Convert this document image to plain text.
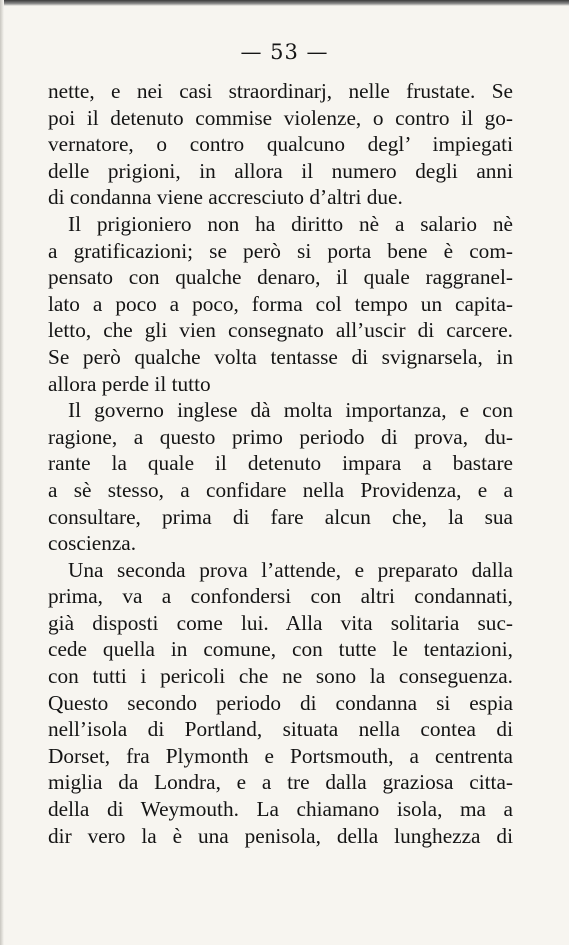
— 53 —
nette, e nei casi straordinarj, nelle frustate. Se
poi il detenuto commise violenze, o contro il go-
vernatore, o contro qualcuno degl’ impiegati
delle prigioni, in allora il numero degli anni
di condanna viene accresciuto d’altri due.
Il prigioniero non ha diritto nè a salario nè
a gratificazioni; se però si porta bene è com-
pensato con qualche denaro, il quale raggranel-
lato a poco a poco, forma col tempo un capita-
letto, che gli vien consegnato all’uscir di carcere.
Se però qualche volta tentasse di svignarsela, in
allora perde il tutto
Il governo inglese dà molta importanza, e con
ragione, a questo primo periodo di prova, du-
rante la quale il detenuto impara a bastare
a sè stesso, a confidare nella Providenza, e a
consultare, prima di fare alcun che, la sua
coscienza.
Una seconda prova l’attende, e preparato dalla
prima, va a confondersi con altri condannati,
già disposti come lui. Alla vita solitaria suc-
cede quella in comune, con tutte le tentazioni,
con tutti i pericoli che ne sono la conseguenza.
Questo secondo periodo di condanna si espia
nell’isola di Portland, situata nella contea di
Dorset, fra Plymonth e Portsmouth, a centrenta
miglia da Londra, e a tre dalla graziosa citta-
della di Weymouth. La chiamano isola, ma a
dir vero la è una penisola, della lunghezza di
